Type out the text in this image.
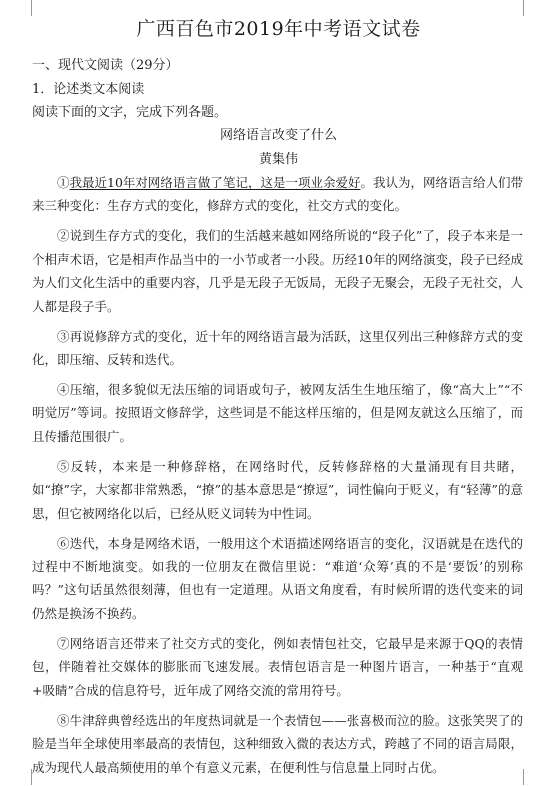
广西百色市2019年中考语文试卷
一、现代文阅读（29分）
1．论述类文本阅读
阅读下面的文字，完成下列各题。
网络语言改变了什么
黄集伟

①我最近10年对网络语言做了笔记，这是一项业余爱好。我认为，网络语言给人们带来三种变化：生存方式的变化，修辞方式的变化，社交方式的变化。

②说到生存方式的变化，我们的生活越来越如网络所说的“段子化”了，段子本来是一个相声术语，它是相声作品当中的一小节或者一小段。历经10年的网络演变，段子已经成为人们文化生活中的重要内容，几乎是无段子无饭局，无段子无聚会，无段子无社交，人人都是段子手。

③再说修辞方式的变化，近十年的网络语言最为活跃，这里仅列出三种修辞方式的变化，即压缩、反转和迭代。

④压缩，很多貌似无法压缩的词语或句子，被网友活生生地压缩了，像“高大上”“不明觉厉”等词。按照语文修辞学，这些词是不能这样压缩的，但是网友就这么压缩了，而且传播范围很广。

⑤反转，本来是一种修辞格，在网络时代，反转修辞格的大量涌现有目共睹，如“撩”字，大家都非常熟悉，“撩”的基本意思是“撩逗”，词性偏向于贬义，有“轻薄”的意思，但它被网络化以后，已经从贬义词转为中性词。

⑥迭代，本身是网络术语，一般用这个术语描述网络语言的变化，汉语就是在迭代的过程中不断地演变。如我的一位朋友在微信里说：“难道‘众筹’真的不是‘要饭’的别称吗？”这句话虽然很刻薄，但也有一定道理。从语文角度看，有时候所谓的迭代变来的词仍然是换汤不换药。

⑦网络语言还带来了社交方式的变化，例如表情包社交，它最早是来源于QQ的表情包，伴随着社交媒体的膨胀而飞速发展。表情包语言是一种图片语言，一种基于“直观+吸睛”合成的信息符号，近年成了网络交流的常用符号。

⑧牛津辞典曾经选出的年度热词就是一个表情包——张喜极而泣的脸。这张笑哭了的脸是当年全球使用率最高的表情包，这种细致入微的表达方式，跨越了不同的语言局限，成为现代人最高频使用的单个有意义元素，在便利性与信息量上同时占优。
